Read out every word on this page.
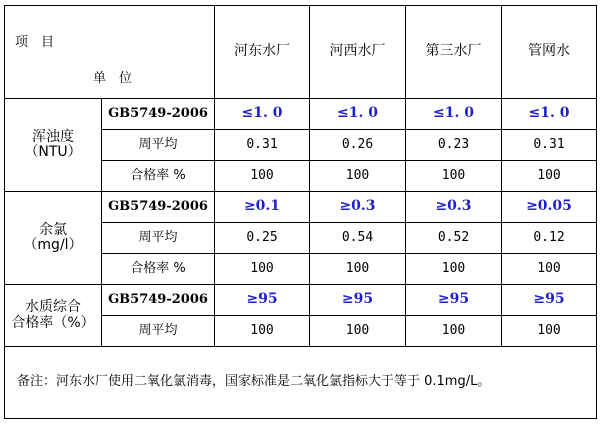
项　目
单　位		河东水厂	河西水厂	第三水厂	管网水

浑浊度
（NTU）	GB5749-2006	≤1. 0	≤1. 0	≤1. 0	≤1. 0
	周平均	0.31	0.26	0.23	0.31
	合格率 %	100	100	100	100

余氯
（mg/l）	GB5749-2006	≥0.1	≥0.3	≥0.3	≥0.05
	周平均	0.25	0.54	0.52	0.12
	合格率 %	100	100	100	100

水质综合
合格率（%）	GB5749-2006	≥95	≥95	≥95	≥95
	周平均	100	100	100	100
备注：河东水厂使用二氧化氯消毒，国家标准是二氧化氯指标大于等于 0.1mg/L。					
